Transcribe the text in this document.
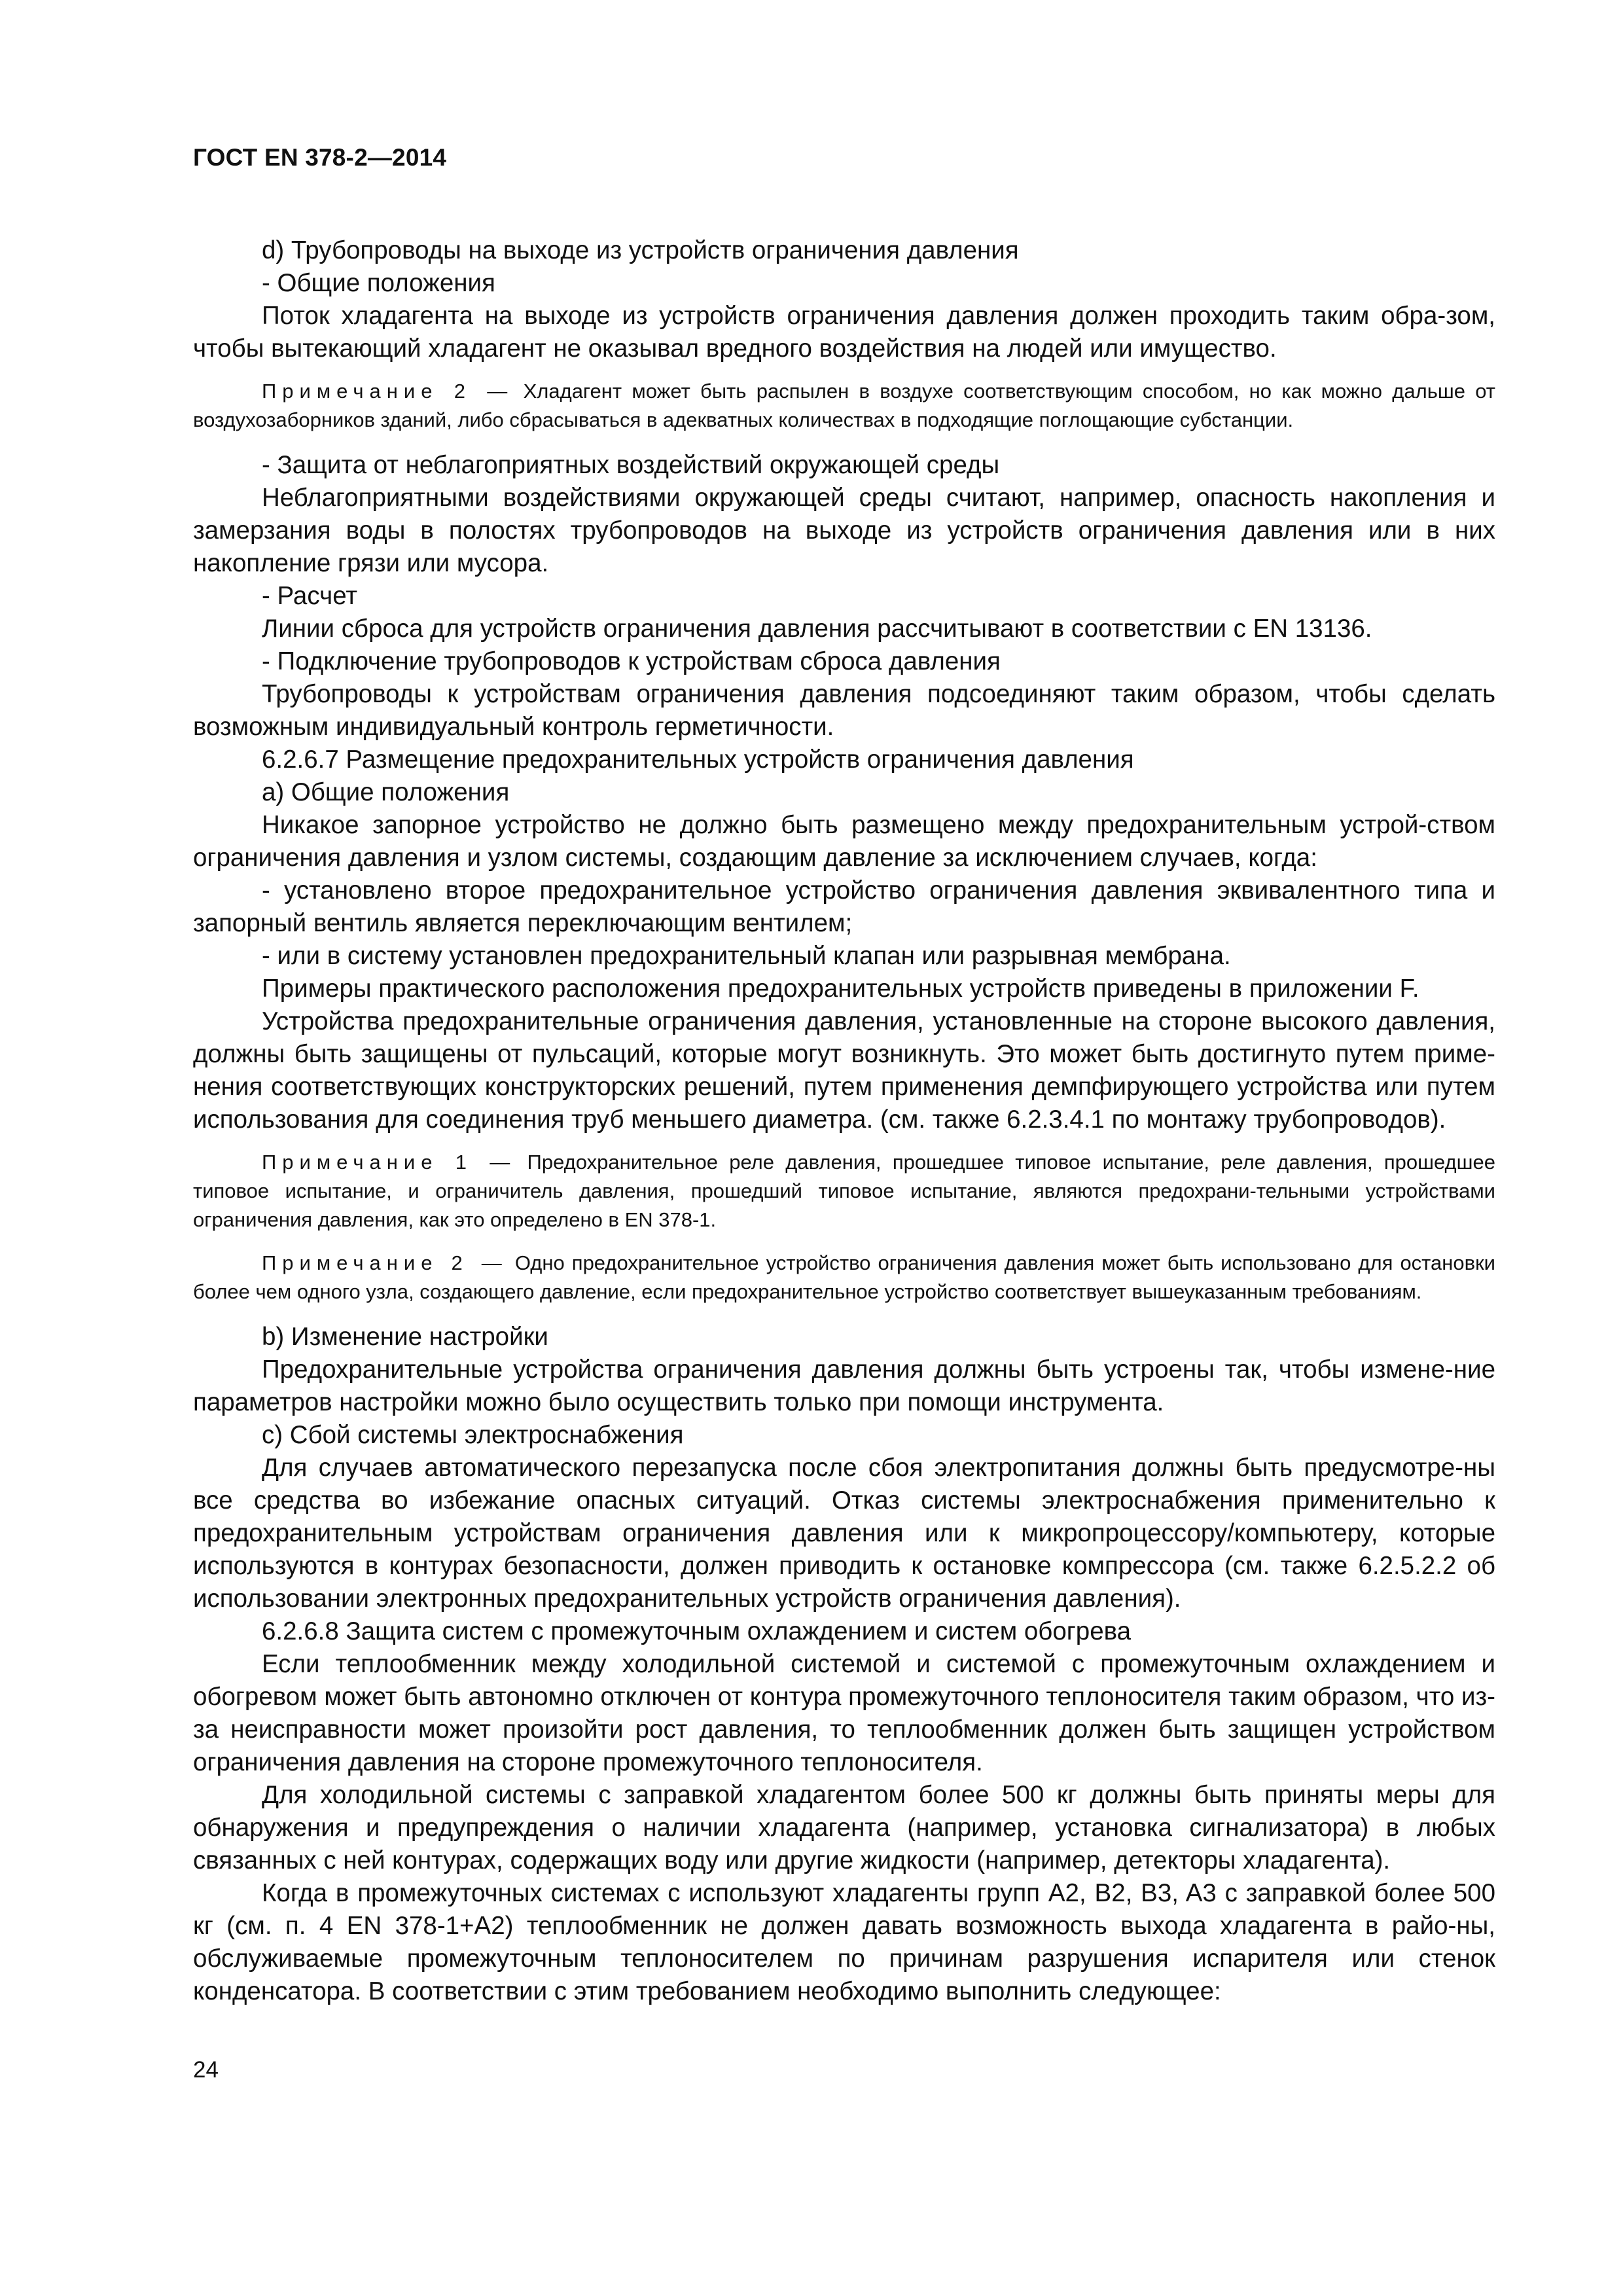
ГОСТ EN 378-2—2014

d) Трубопроводы на выходе из устройств ограничения давления

- Общие положения

Поток хладагента на выходе из устройств ограничения давления должен проходить таким обра-зом, чтобы вытекающий хладагент не оказывал вредного воздействия на людей или имущество.

Примечание 2 — Хладагент может быть распылен в воздухе соответствующим способом, но как можно дальше от воздухозаборников зданий, либо сбрасываться в адекватных количествах в подходящие поглощающие субстанции.

- Защита от неблагоприятных воздействий окружающей среды

Неблагоприятными воздействиями окружающей среды считают, например, опасность накопления и замерзания воды в полостях трубопроводов на выходе из устройств ограничения давления или в них накопление грязи или мусора.

- Расчет

Линии сброса для устройств ограничения давления рассчитывают в соответствии с EN 13136.

- Подключение трубопроводов к устройствам сброса давления

Трубопроводы к устройствам ограничения давления подсоединяют таким образом, чтобы сделать возможным индивидуальный контроль герметичности.

6.2.6.7 Размещение предохранительных устройств ограничения давления

a) Общие положения

Никакое запорное устройство не должно быть размещено между предохранительным устрой-ством ограничения давления и узлом системы, создающим давление за исключением случаев, когда:

- установлено второе предохранительное устройство ограничения давления эквивалентного типа и запорный вентиль является переключающим вентилем;

- или в систему установлен предохранительный клапан или разрывная мембрана.

Примеры практического расположения предохранительных устройств приведены в приложении F.

Устройства предохранительные ограничения давления, установленные на стороне высокого давления, должны быть защищены от пульсаций, которые могут возникнуть. Это может быть достигнуто путем приме-нения соответствующих конструкторских решений, путем применения демпфирующего устройства или путем использования для соединения труб меньшего диаметра. (см. также 6.2.3.4.1 по монтажу трубопроводов).

Примечание 1 — Предохранительное реле давления, прошедшее типовое испытание, реле давления, прошедшее типовое испытание, и ограничитель давления, прошедший типовое испытание, являются предохрани-тельными устройствами ограничения давления, как это определено в EN 378-1.
Примечание 2 — Одно предохранительное устройство ограничения давления может быть использовано для остановки более чем одного узла, создающего давление, если предохранительное устройство соответствует вышеуказанным требованиям.

b) Изменение настройки

Предохранительные устройства ограничения давления должны быть устроены так, чтобы измене-ние параметров настройки можно было осуществить только при помощи инструмента.

c) Сбой системы электроснабжения

Для случаев автоматического перезапуска после сбоя электропитания должны быть предусмотре-ны все средства во избежание опасных ситуаций. Отказ системы электроснабжения применительно к предохранительным устройствам ограничения давления или к микропроцессору/компьютеру, которые используются в контурах безопасности, должен приводить к остановке компрессора (см. также 6.2.5.2.2 об использовании электронных предохранительных устройств ограничения давления).

6.2.6.8 Защита систем с промежуточным охлаждением и систем обогрева

Если теплообменник между холодильной системой и системой с промежуточным охлаждением и обогревом может быть автономно отключен от контура промежуточного теплоносителя таким образом, что из-за неисправности может произойти рост давления, то теплообменник должен быть защищен устройством ограничения давления на стороне промежуточного теплоносителя.

Для холодильной системы с заправкой хладагентом более 500 кг должны быть приняты меры для обнаружения и предупреждения о наличии хладагента (например, установка сигнализатора) в любых связанных с ней контурах, содержащих воду или другие жидкости (например, детекторы хладагента).

Когда в промежуточных системах с используют хладагенты групп A2, B2, B3, A3 с заправкой более 500 кг (см. п. 4 EN 378-1+A2) теплообменник не должен давать возможность выхода хладагента в райо-ны, обслуживаемые промежуточным теплоносителем по причинам разрушения испарителя или стенок конденсатора. В соответствии с этим требованием необходимо выполнить следующее:

24
